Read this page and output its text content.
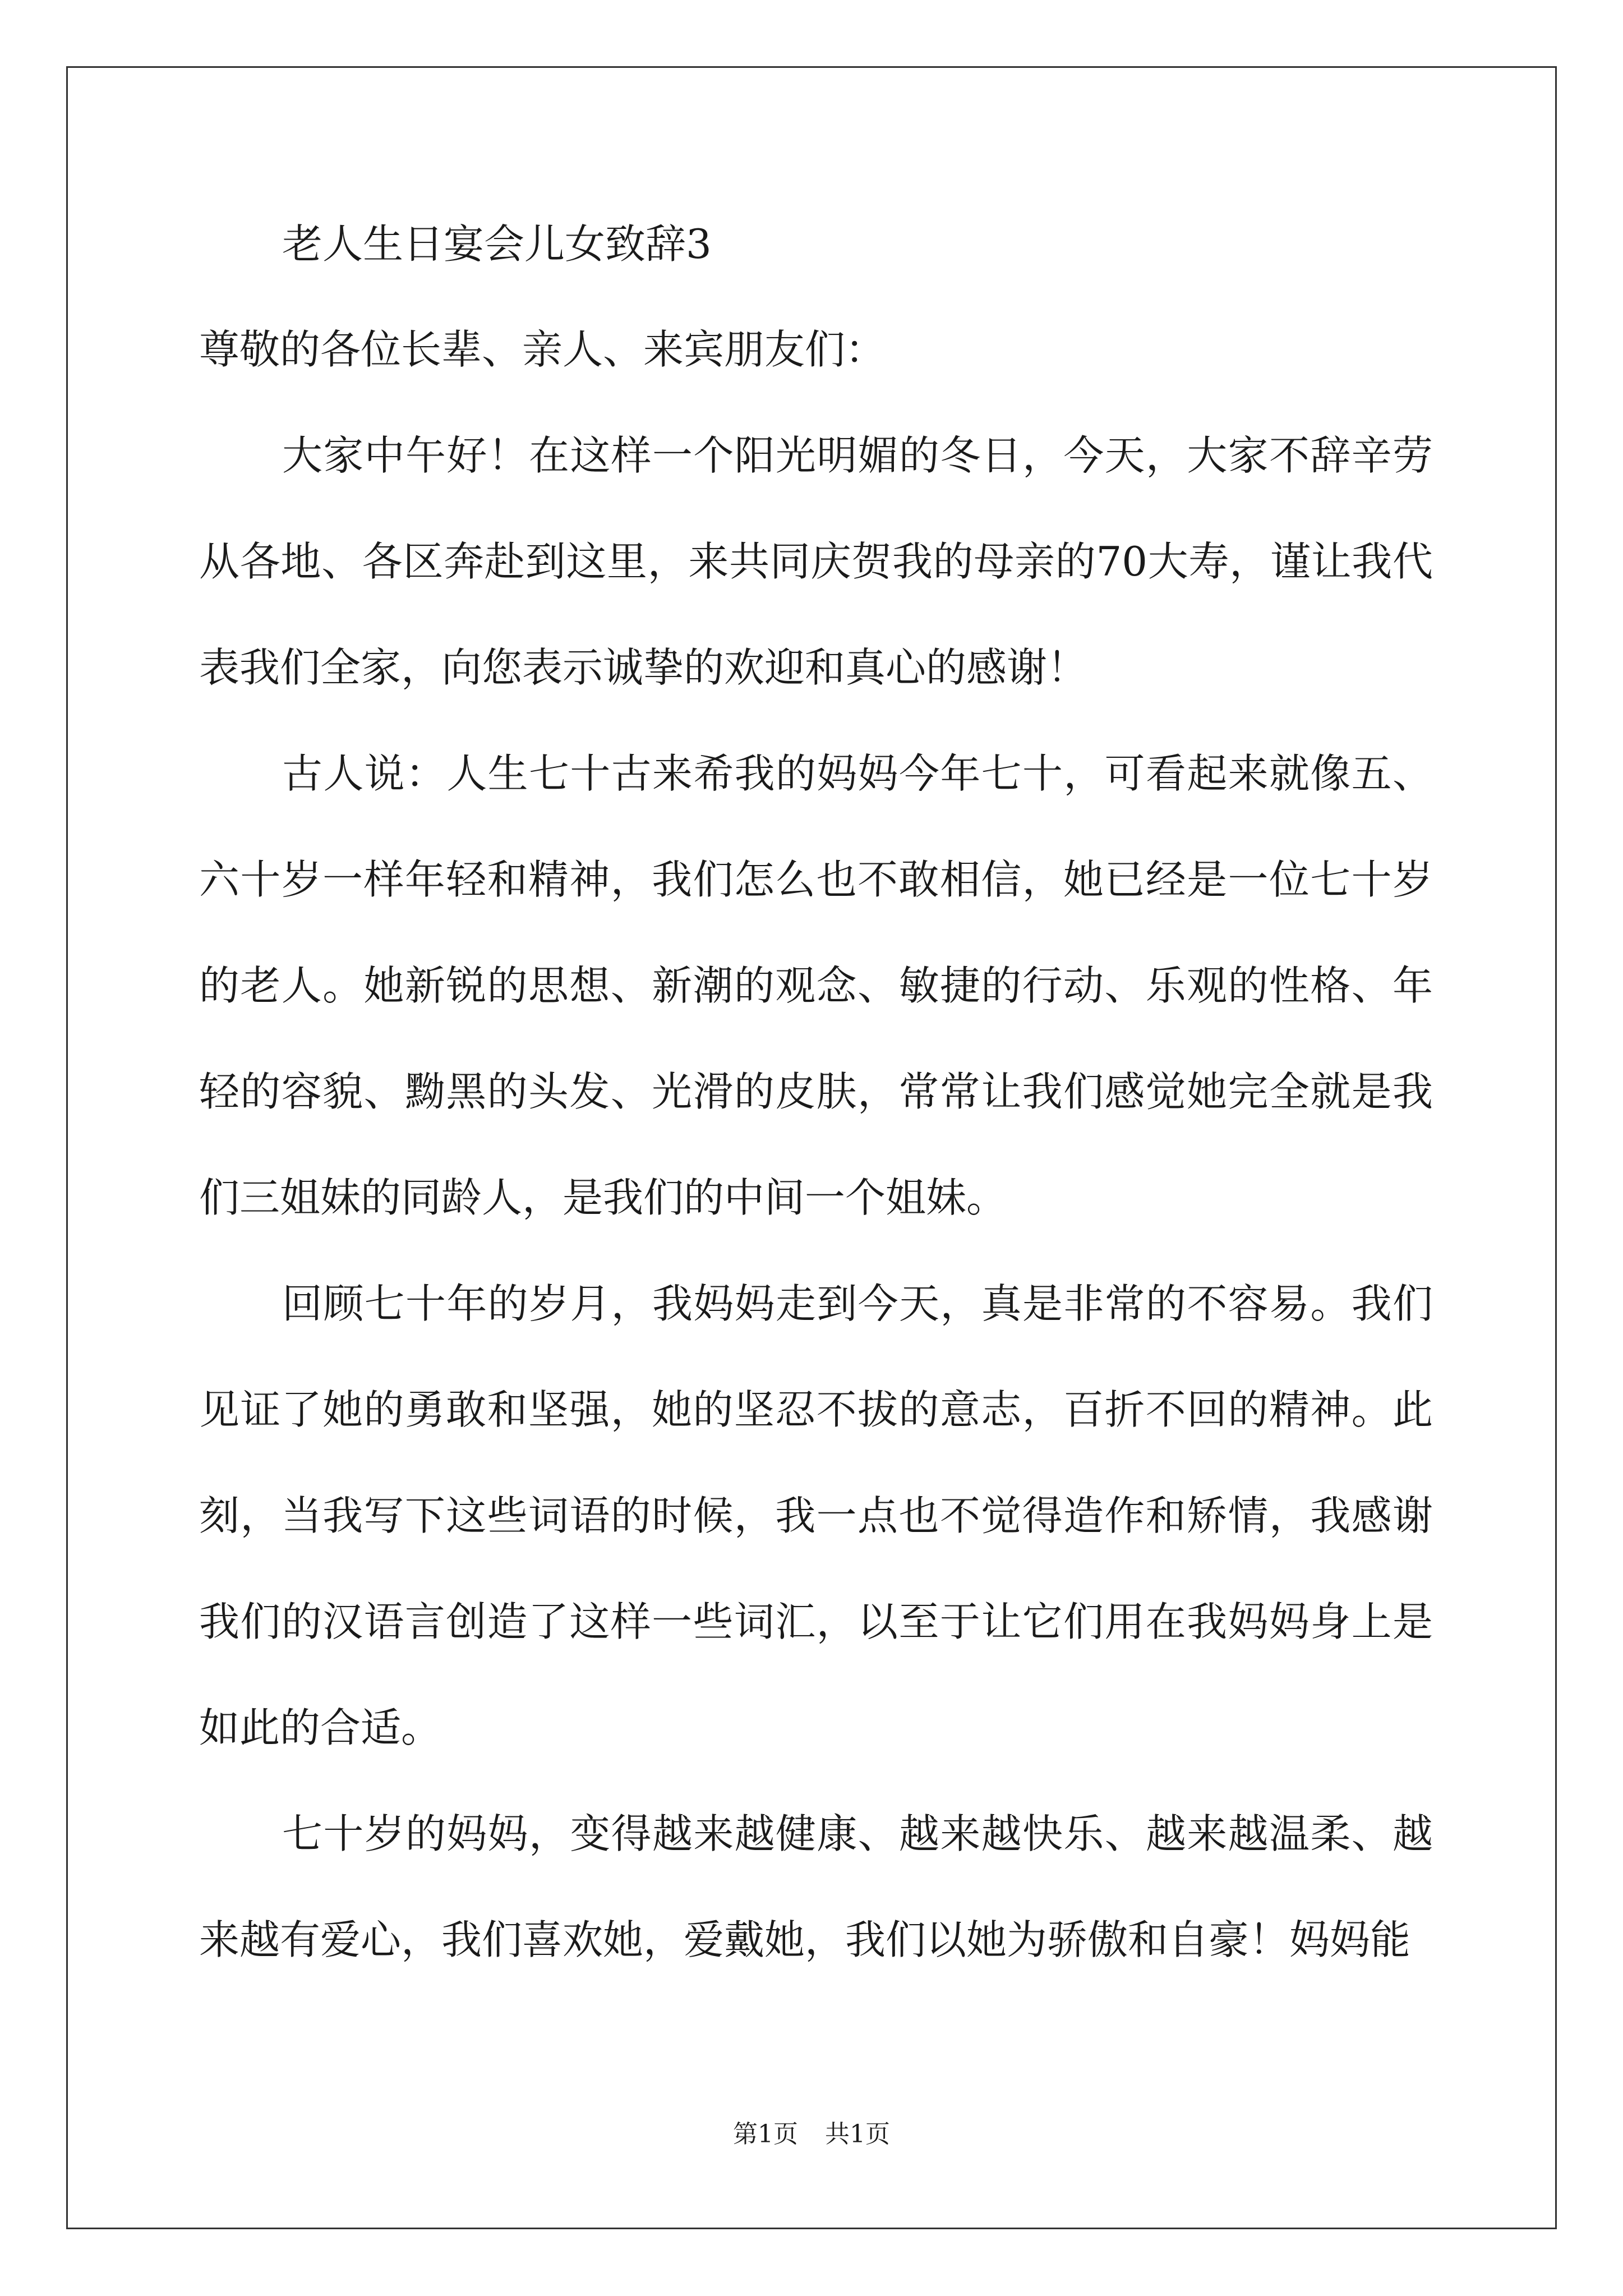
老人生日宴会儿女致辞3

尊敬的各位长辈、亲人、来宾朋友们：

大家中午好！在这样一个阳光明媚的冬日，今天，大家不辞辛劳从各地、各区奔赴到这里，来共同庆贺我的母亲的70大寿，谨让我代表我们全家，向您表示诚挚的欢迎和真心的感谢！

古人说：人生七十古来希我的妈妈今年七十，可看起来就像五、六十岁一样年轻和精神，我们怎么也不敢相信，她已经是一位七十岁的老人。她新锐的思想、新潮的观念、敏捷的行动、乐观的性格、年轻的容貌、黝黑的头发、光滑的皮肤，常常让我们感觉她完全就是我们三姐妹的同龄人，是我们的中间一个姐妹。

回顾七十年的岁月，我妈妈走到今天，真是非常的不容易。我们见证了她的勇敢和坚强，她的坚忍不拔的意志，百折不回的精神。此刻，当我写下这些词语的时候，我一点也不觉得造作和矫情，我感谢我们的汉语言创造了这样一些词汇，以至于让它们用在我妈妈身上是如此的合适。

七十岁的妈妈，变得越来越健康、越来越快乐、越来越温柔、越来越有爱心，我们喜欢她，爱戴她，我们以她为骄傲和自豪！妈妈能

第1页 共1页
